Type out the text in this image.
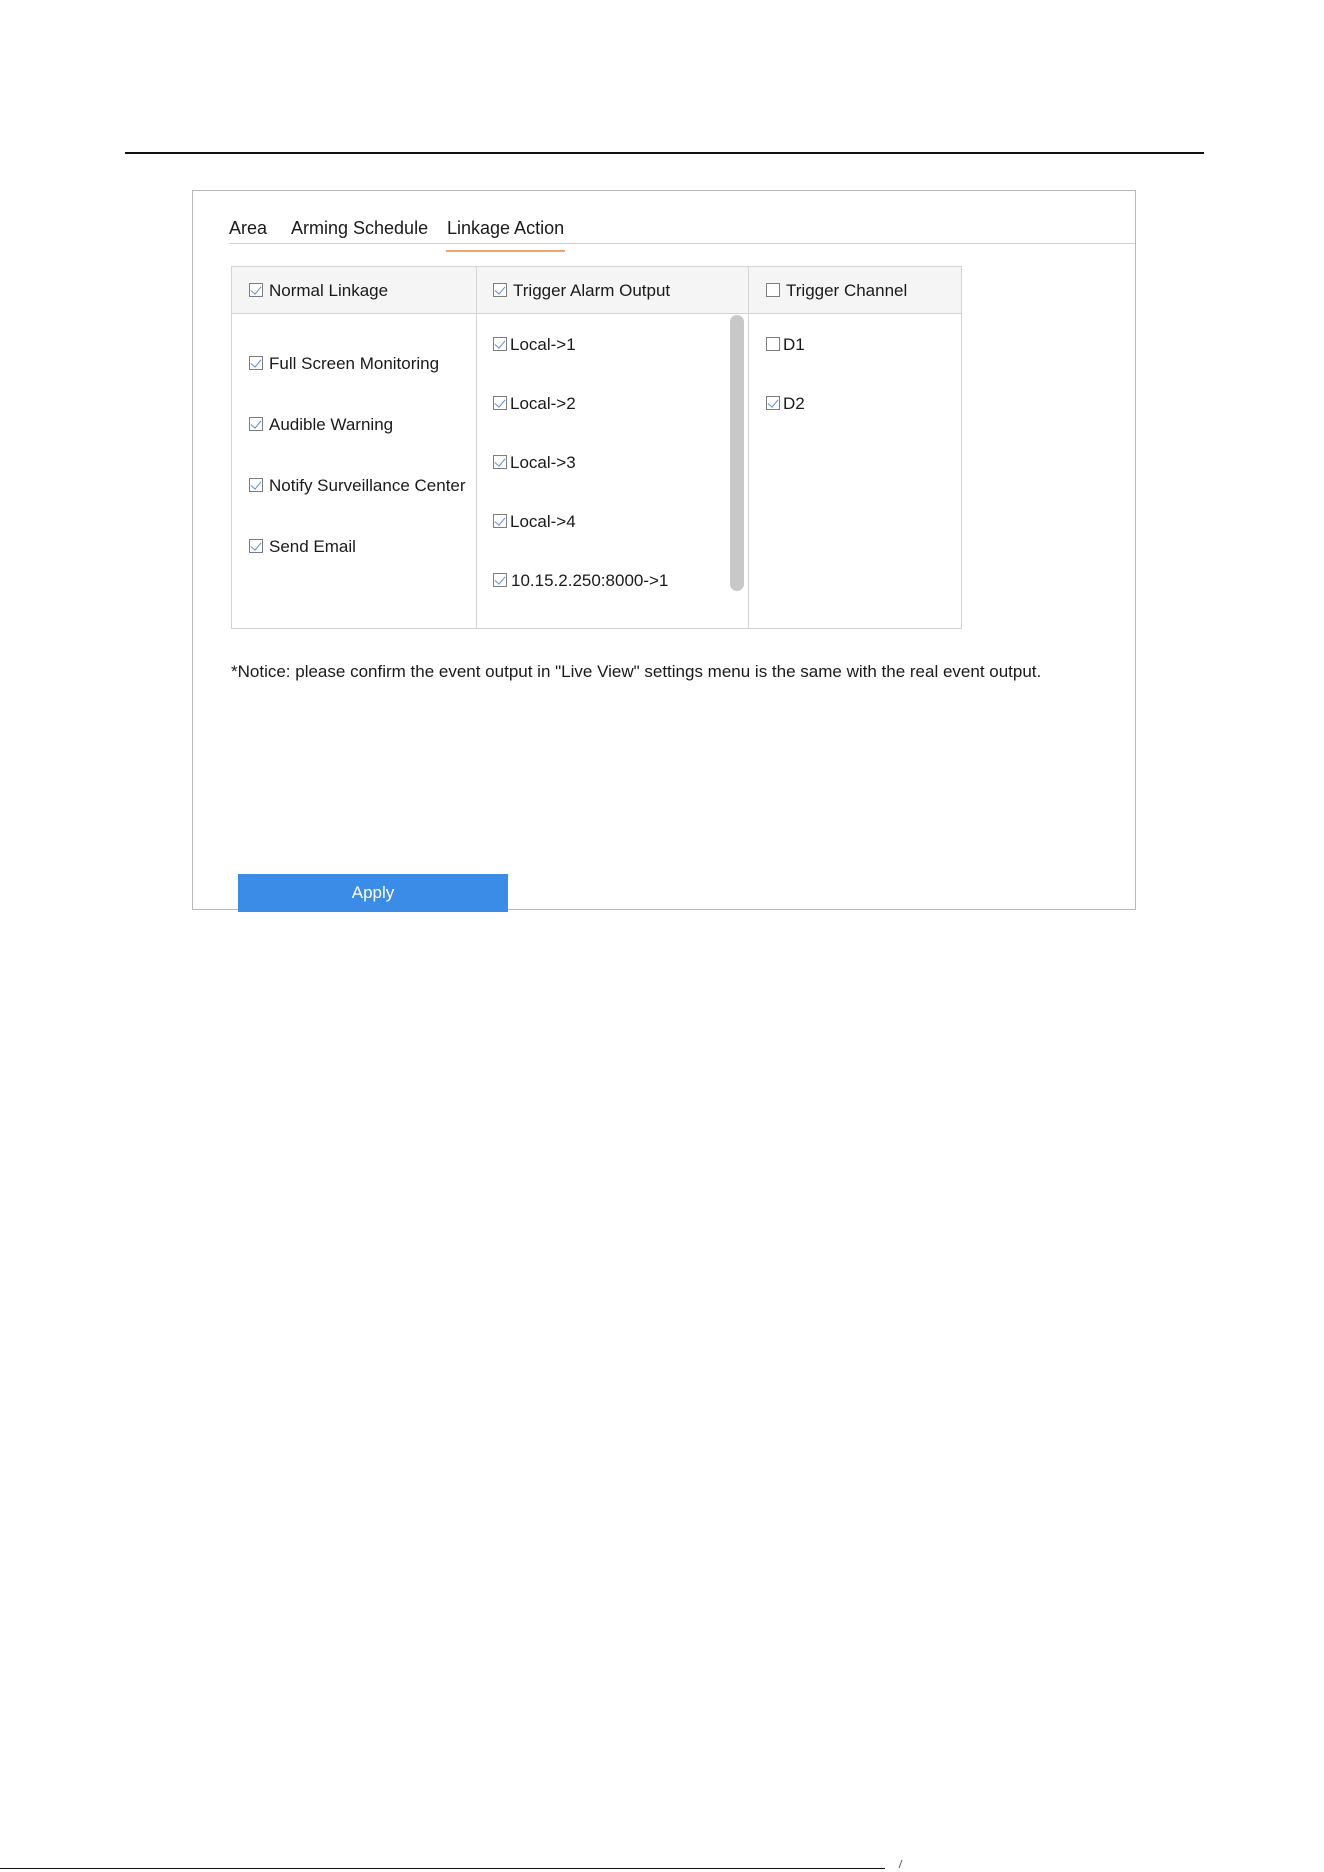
Area Arming Schedule Linkage Action
Normal Linkage
Full Screen Monitoring
Audible Warning
Notify Surveillance Center
Send Email
Trigger Alarm Output
Local->1
Local->2
Local->3
Local->4
10.15.2.250:8000->1
Trigger Channel
D1
D2
*Notice: please confirm the event output in "Live View" settings menu is the same with the real event output.
Apply
